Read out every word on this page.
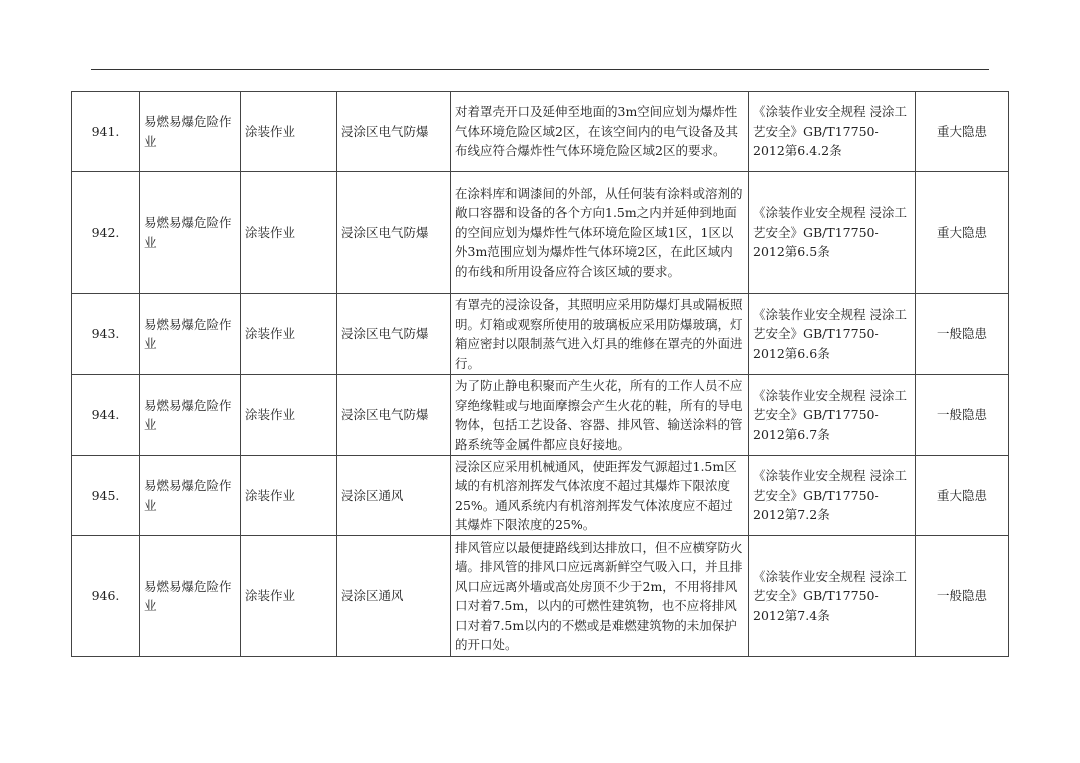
941.	易燃易爆危险作业	涂装作业	浸涂区电气防爆	对着罩壳开口及延伸至地面的3m空间应划为爆炸性气体环境危险区域2区，在该空间内的电气设备及其布线应符合爆炸性气体环境危险区域2区的要求。	《涂装作业安全规程 浸涂工艺安全》GB/T17750-2012第6.4.2条	重大隐患
942.	易燃易爆危险作业	涂装作业	浸涂区电气防爆	在涂料库和调漆间的外部，从任何装有涂料或溶剂的敞口容器和设备的各个方向1.5m之内并延伸到地面的空间应划为爆炸性气体环境危险区域1区，1区以外3m范围应划为爆炸性气体环境2区，在此区域内的布线和所用设备应符合该区域的要求。	《涂装作业安全规程 浸涂工艺安全》GB/T17750-2012第6.5条	重大隐患
943.	易燃易爆危险作业	涂装作业	浸涂区电气防爆	有罩壳的浸涂设备，其照明应采用防爆灯具或隔板照明。灯箱或观察所使用的玻璃板应采用防爆玻璃，灯箱应密封以限制蒸气进入灯具的维修在罩壳的外面进行。	《涂装作业安全规程 浸涂工艺安全》GB/T17750-2012第6.6条	一般隐患
944.	易燃易爆危险作业	涂装作业	浸涂区电气防爆	为了防止静电积聚而产生火花，所有的工作人员不应穿绝缘鞋或与地面摩擦会产生火花的鞋，所有的导电物体，包括工艺设备、容器、排风管、输送涂料的管路系统等金属件都应良好接地。	《涂装作业安全规程 浸涂工艺安全》GB/T17750-2012第6.7条	一般隐患
945.	易燃易爆危险作业	涂装作业	浸涂区通风	浸涂区应采用机械通风，使距挥发气源超过1.5m区域的有机溶剂挥发气体浓度不超过其爆炸下限浓度25%。通风系统内有机溶剂挥发气体浓度应不超过其爆炸下限浓度的25%。	《涂装作业安全规程 浸涂工艺安全》GB/T17750-2012第7.2条	重大隐患
946.	易燃易爆危险作业	涂装作业	浸涂区通风	排风管应以最便捷路线到达排放口，但不应横穿防火墙。排风管的排风口应远离新鲜空气吸入口，并且排风口应远离外墙或高处房顶不少于2m，不用将排风口对着7.5m，以内的可燃性建筑物，也不应将排风口对着7.5m以内的不燃或是难燃建筑物的未加保护的开口处。	《涂装作业安全规程 浸涂工艺安全》GB/T17750-2012第7.4条	一般隐患
